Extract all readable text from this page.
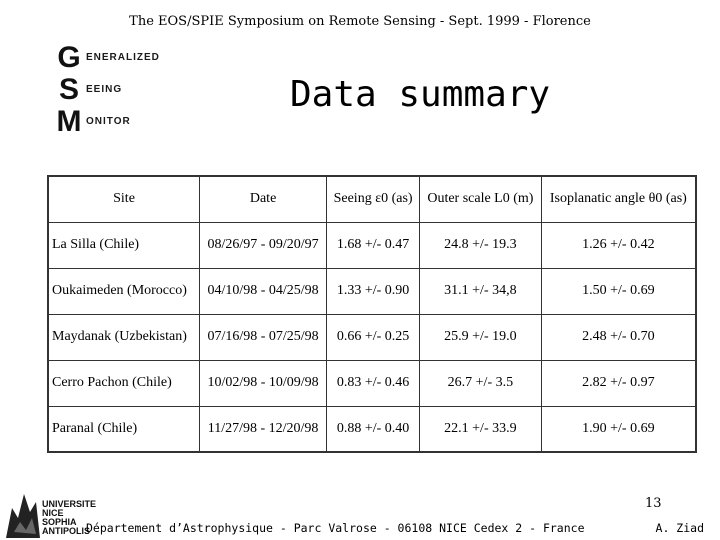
The EOS/SPIE Symposium on Remote Sensing - Sept. 1999 - Florence
G ENERALIZED
S EEING
M ONITOR
Data summary
Site	Date	Seeing ε0 (as)	Outer scale L0 (m)	Isoplanatic angle θ0 (as)
La Silla (Chile)	08/26/97 - 09/20/97	1.68 +/- 0.47	24.8 +/- 19.3	1.26 +/- 0.42
Oukaimeden (Morocco)	04/10/98 - 04/25/98	1.33 +/- 0.90	31.1 +/- 34,8	1.50 +/- 0.69
Maydanak (Uzbekistan)	07/16/98 - 07/25/98	0.66 +/- 0.25	25.9 +/- 19.0	2.48 +/- 0.70
Cerro Pachon (Chile)	10/02/98 - 10/09/98	0.83 +/- 0.46	26.7 +/- 3.5	2.82 +/- 0.97
Paranal (Chile)	11/27/98 - 12/20/98	0.88 +/- 0.40	22.1 +/- 33.9	1.90 +/- 0.69
13
UNIVERSITE
NICE
SOPHIA
ANTIPOLIS
Département d’Astrophysique - Parc Valrose - 06108 NICE Cedex 2 - France	A. Ziad
